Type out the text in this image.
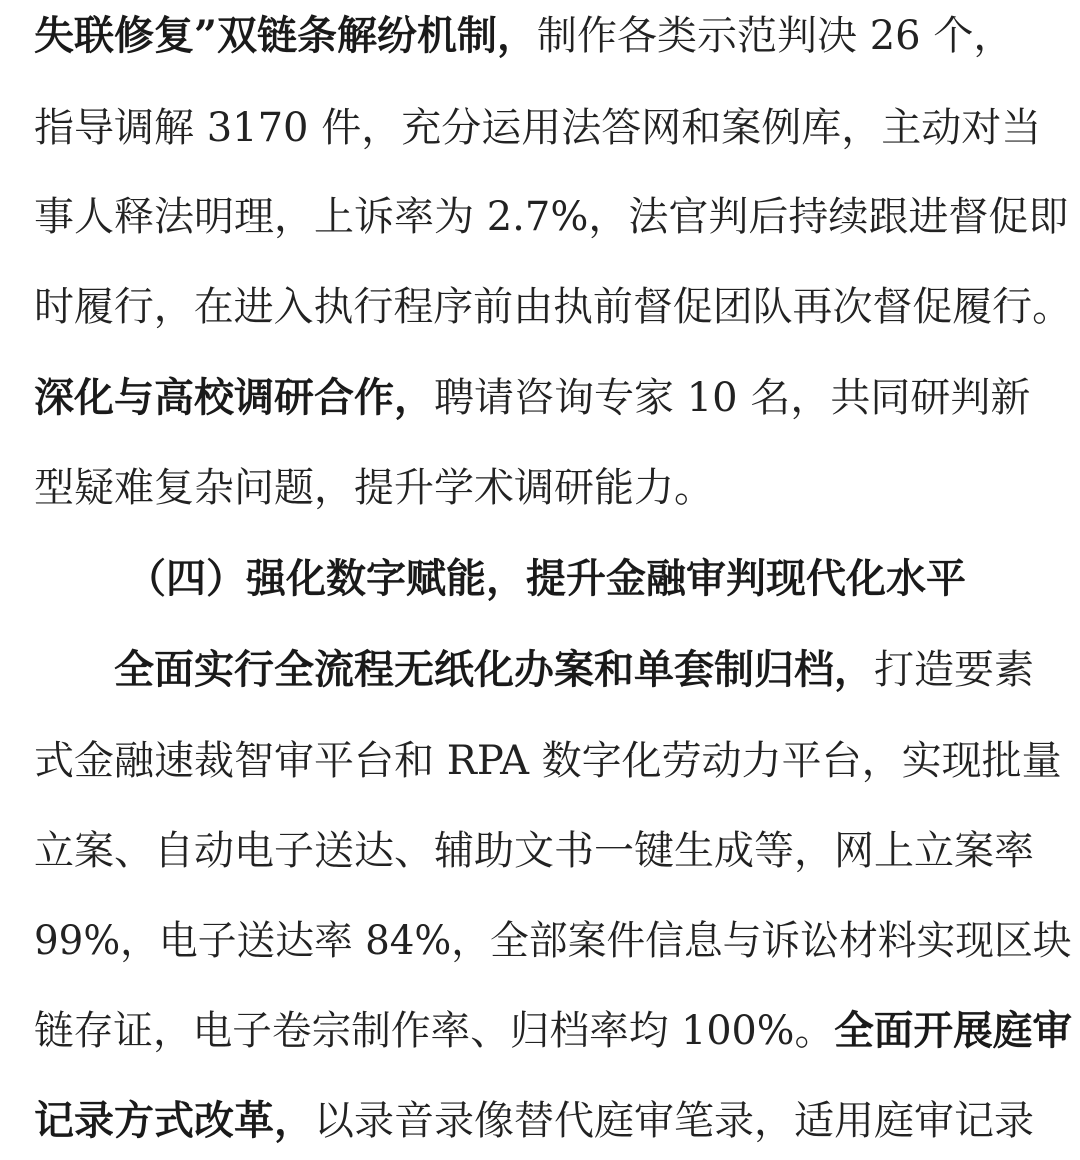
失联修复”双链条解纷机制，制作各类示范判决 26 个，
指导调解 3170 件，充分运用法答网和案例库，主动对当
事人释法明理，上诉率为 2.7%，法官判后持续跟进督促即
时履行，在进入执行程序前由执前督促团队再次督促履行。
深化与高校调研合作，聘请咨询专家 10 名，共同研判新
型疑难复杂问题，提升学术调研能力。
（四）强化数字赋能，提升金融审判现代化水平
全面实行全流程无纸化办案和单套制归档，打造要素
式金融速裁智审平台和 RPA 数字化劳动力平台，实现批量
立案、自动电子送达、辅助文书一键生成等，网上立案率
99%，电子送达率 84%，全部案件信息与诉讼材料实现区块
链存证，电子卷宗制作率、归档率均 100%。全面开展庭审
记录方式改革，以录音录像替代庭审笔录，适用庭审记录
